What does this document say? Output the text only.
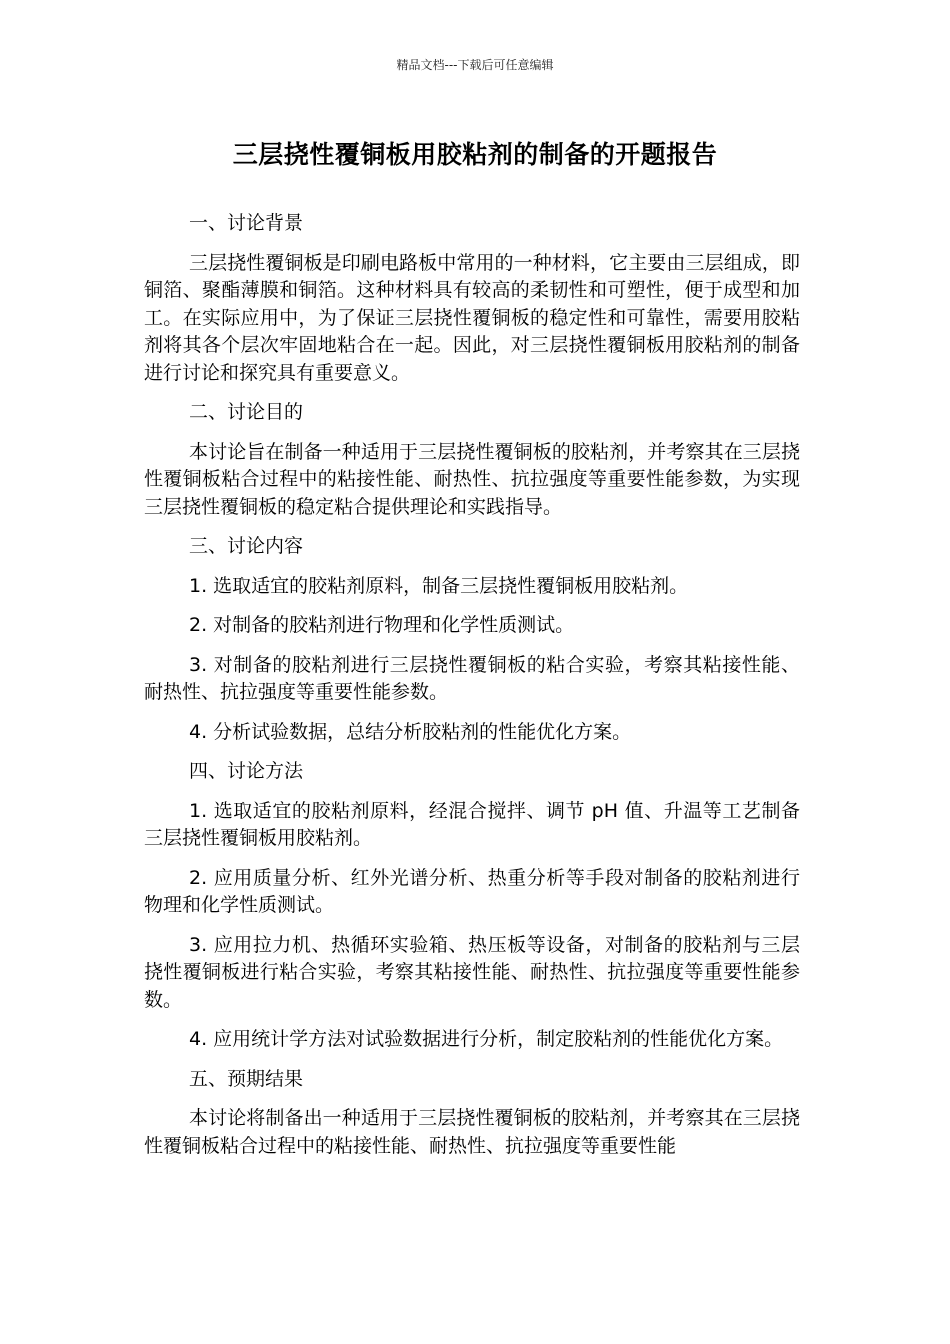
精品文档---下载后可任意编辑
三层挠性覆铜板用胶粘剂的制备的开题报告

一、讨论背景

三层挠性覆铜板是印刷电路板中常用的一种材料，它主要由三层组成，即铜箔、聚酯薄膜和铜箔。这种材料具有较高的柔韧性和可塑性，便于成型和加工。在实际应用中，为了保证三层挠性覆铜板的稳定性和可靠性，需要用胶粘剂将其各个层次牢固地粘合在一起。因此，对三层挠性覆铜板用胶粘剂的制备进行讨论和探究具有重要意义。

二、讨论目的

本讨论旨在制备一种适用于三层挠性覆铜板的胶粘剂，并考察其在三层挠性覆铜板粘合过程中的粘接性能、耐热性、抗拉强度等重要性能参数，为实现三层挠性覆铜板的稳定粘合提供理论和实践指导。

三、讨论内容

1. 选取适宜的胶粘剂原料，制备三层挠性覆铜板用胶粘剂。

2. 对制备的胶粘剂进行物理和化学性质测试。

3. 对制备的胶粘剂进行三层挠性覆铜板的粘合实验，考察其粘接性能、耐热性、抗拉强度等重要性能参数。

4. 分析试验数据，总结分析胶粘剂的性能优化方案。

四、讨论方法

1. 选取适宜的胶粘剂原料，经混合搅拌、调节 pH 值、升温等工艺制备三层挠性覆铜板用胶粘剂。

2. 应用质量分析、红外光谱分析、热重分析等手段对制备的胶粘剂进行物理和化学性质测试。

3. 应用拉力机、热循环实验箱、热压板等设备，对制备的胶粘剂与三层挠性覆铜板进行粘合实验，考察其粘接性能、耐热性、抗拉强度等重要性能参数。

4. 应用统计学方法对试验数据进行分析，制定胶粘剂的性能优化方案。

五、预期结果

本讨论将制备出一种适用于三层挠性覆铜板的胶粘剂，并考察其在三层挠性覆铜板粘合过程中的粘接性能、耐热性、抗拉强度等重要性能
